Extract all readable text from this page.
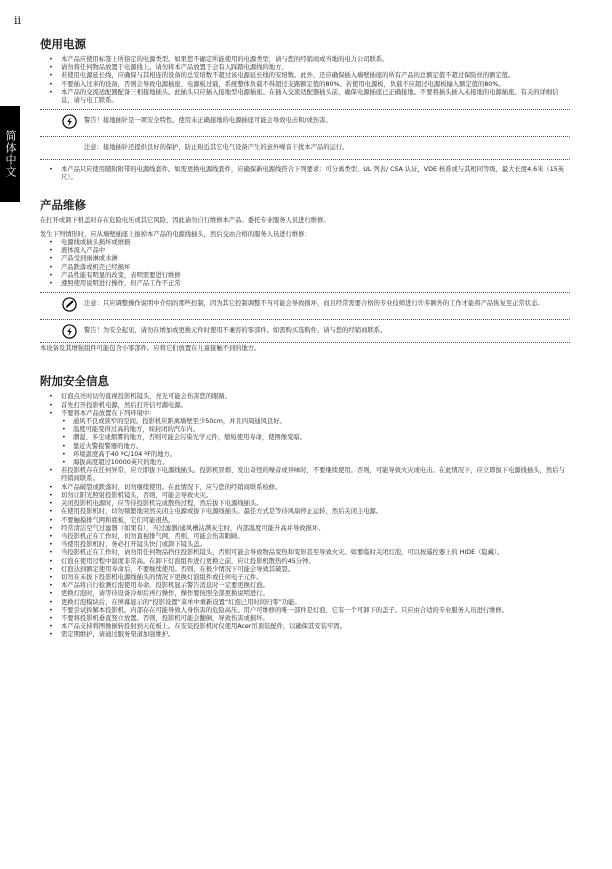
ii
简体中文
使用电源
• 本产品应使用标签上所指定的电源类型。如果您不确定所能使用的电源类型，请与您的经销商或当地的电力公司联系。
• 请勿将任何物品放置于电源线上。请勿将本产品放置于会有人踩踏电源线的地方。
• 若使用电源延长线，应确保与其相连的设备的总安培数不超过该电源延长线的安培数。此外，还应确保插入墙壁插座的所有产品的总额定值不超过保险丝的额定值。
• 不要插入过多的设备，否则会导致电源插座、电源板过载，系统整体负载不得超过支路额定值的80%。若使用电源板，负载不应超过电源板输入额定值的80%。
• 本产品的交流适配器配备三相接地插头。此插头只应插入接地型电源插座。在插入交流适配器插头前，确保电源插座已正确接地。不要将插头插入未接地的电源插座。有关的详细信息，请与电工联系。
警告！接地插针是一项安全特性。使用未正确接地的电源插座可能会导致电击和/或伤害。
注意：接地插针还提供良好的保护，防止附近其它电气设备产生的意外噪音干扰本产品的运行。
• 本产品只应使用随附附带的电源线套件。如需更换电源线套件，应确保新电源线符合下列要求：可分离类型，UL 列表/ CSA 认证，VDE 核准或与其相同等级，最大长度4.6米（15英尺）。
产品维修

在打开或卸下机盖时存在危险电压或其它风险，因此请勿自行维修本产品。委托专业服务人员进行维修。

发生下列情形时，应从墙壁插座上拔掉本产品的电源线插头，然后交由合格的服务人员进行维修：

• 电源线或插头损坏或磨损
• 液体流入产品中
• 产品受到雨淋或水淋
• 产品跌落或机壳已经损坏
• 产品性能有明显的改变，表明需要进行维修
• 遵照使用说明进行操作，但产品工作不正常
注意：只应调整操作说明中介绍的那些控制，因为其它控制调整不当可能会导致损坏，而且经常需要合格的专业技师进行许多额外的工作才能将产品恢复至正常状态。
警告！为安全起见，请勿在增加或更换元件时使用不兼容的零部件。如需购买选购件，请与您的经销商联系。

本设备及其增强组件可能包含小零部件。应将它们放置在儿童接触不到的地方。

附加安全信息
• 灯泡点亮时切勿直视投影机镜头，亮光可能会伤害您的眼睛。
• 首先打开投影机电源，然后打开信号源电源。
• 不要将本产品放置在下列环境中：
• 通风不良或狭窄的空间。投影机应距离墙壁至少50cm，并且四周通风良好。
• 温度可能变得过高的地方，如封闭的汽车内。
• 潮湿、多尘或烟雾的地方，否则可能会污染光学元件，缩短使用寿命，使图像变暗。
• 靠近火警报警器的地方。
• 环境温度高于40 ºC/104 ºF的地方。
• 海拔高度超过10000英尺的地方。
• 若投影机存在任何异常，应立即拔下电源线插头。投影机冒烟、发出奇怪的噪音或异味时，不要继续使用。否则，可能导致火灾或电击。在此情况下，应立即拔下电源线插头，然后与经销商联系。
• 本产品破裂或跌落时，切勿继续使用。在此情况下，应与您的经销商联系检修。
• 切勿让阳光照射投影机镜头，否则，可能会导致火灾。
• 关闭投影机电源时，应等待投影机完成散热过程，然后拔下电源线插头。
• 在使用投影机时，切勿频繁地突然关闭主电源或拔下电源线插头。最佳方式是等待风扇停止运转，然后关闭主电源。
• 不要触摸排气网和底板，它们可能很热。
• 经常清洁空气过滤器（如果有），当过滤器/通风槽沾满灰尘时，内部温度可能升高并导致损坏。
• 当投影机正在工作时，切勿直视排气网，否则，可能会伤害眼睛。
• 当使用投影机时，务必打开镜头快门或卸下镜头盖。
• 当投影机正在工作时，请勿用任何物品挡住投影机镜头，否则可能会导致物品变热和变形甚至导致火灾。如要临时关闭灯泡，可以按遥控器上的 HIDE（隐藏）。
• 灯泡在使用过程中温度非常高。在卸下灯泡组件进行更换之前，应让投影机散热约45分钟。
• 灯泡达到额定使用寿命后，不要继续使用。否则，在极少情况下可能会导致其破裂。
• 切勿在未拔下投影机电源线插头的情况下更换灯泡组件或任何电子元件。
• 本产品将自行检测灯泡使用寿命。投影机显示警告消息时一定要更换灯泡。
• 更换灯泡时，请等待设备冷却后再行操作，操作要按照全部更换说明进行。
• 更换灯泡模块后，在屏幕显示的“投影设置”菜单中重新设置“灯泡已用时间归零”功能。
• 不要尝试拆解本投影机。内部存在可能导致人身伤害的危险高压。用户可维修的唯一部件是灯泡，它有一个可卸下的盖子。只应由合适的专业服务人员进行维修。
• 不要将投影机垂直竖立放置。否则，投影机可能会翻倒，导致伤害或损坏。
• 本产品支持将图像倒转投射到天花板上。在安装投影机时仅使用Acer吊顶装配件，以确保其安装牢固。
• 需定期维护，请通过服务渠道加强维护。
